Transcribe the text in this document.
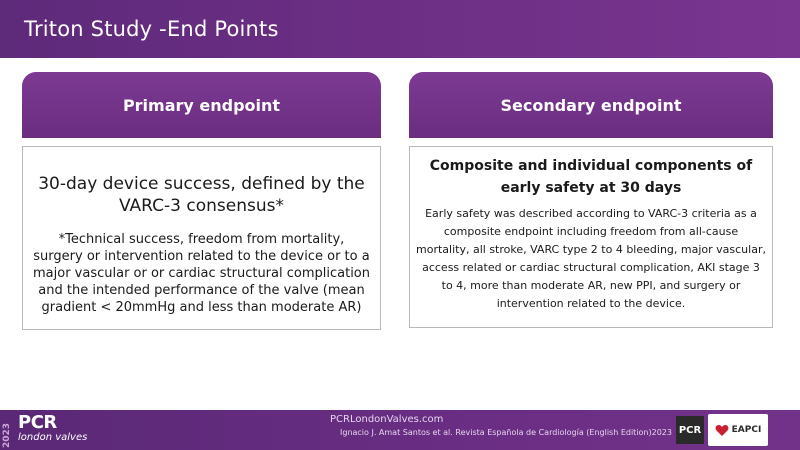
Triton Study -End Points
Primary endpoint

30-day device success, defined by the VARC-3 consensus*

*Technical success, freedom from mortality, surgery or intervention related to the device or to a major vascular or or cardiac structural complication and the intended performance of the valve (mean gradient < 20mmHg and less than moderate AR)

Secondary endpoint

Composite and individual components of early safety at 30 days

Early safety was described according to VARC-3 criteria as a composite endpoint including freedom from all-cause mortality, all stroke, VARC type 2 to 4 bleeding, major vascular, access related or cardiac structural complication, AKI stage 3 to 4, more than moderate AR, new PPI, and surgery or intervention related to the device.

2023
PCR
london valves
PCRLondonValves.com
Ignacio J. Amat Santos et al. Revista Española de Cardiología (English Edition)2023 PCR	EAPCI
